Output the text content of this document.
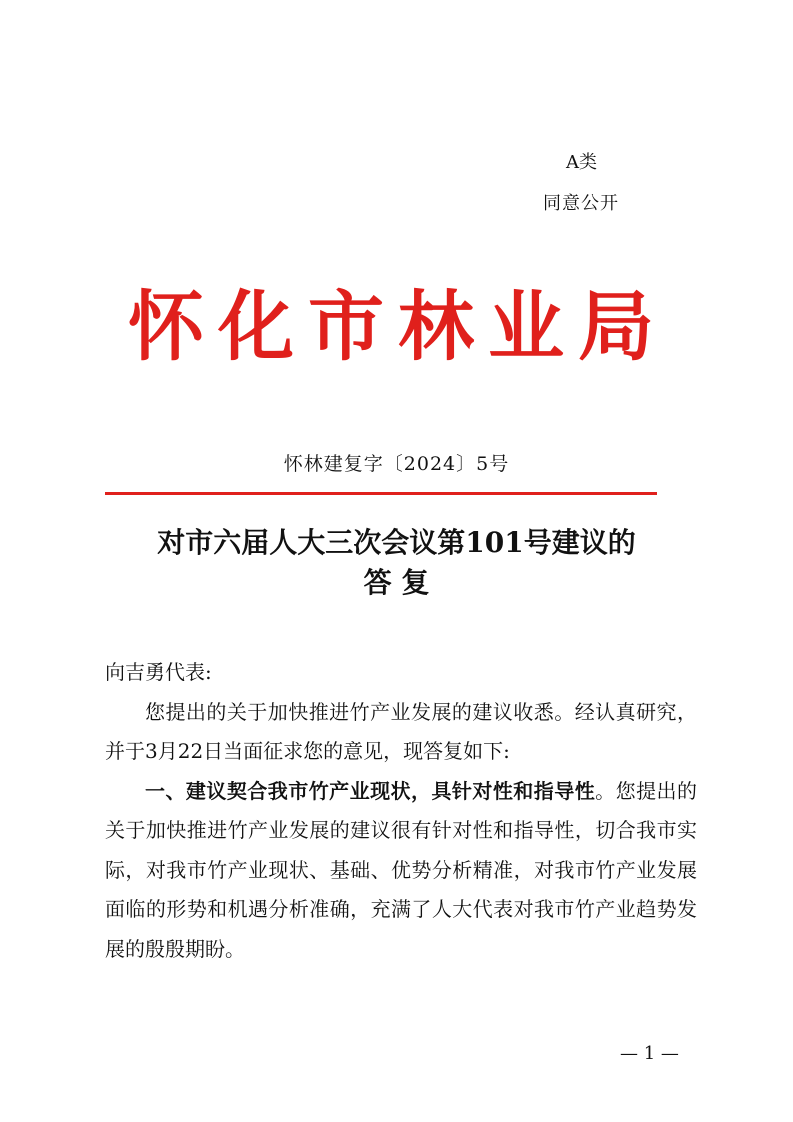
A类
同意公开
怀化市林业局
怀林建复字〔2024〕5号
对市六届人大三次会议第101号建议的
答 复

向吉勇代表:

您提出的关于加快推进竹产业发展的建议收悉。经认真研究，并于3月22日当面征求您的意见，现答复如下:

一、建议契合我市竹产业现状，具针对性和指导性。您提出的关于加快推进竹产业发展的建议很有针对性和指导性，切合我市实际，对我市竹产业现状、基础、优势分析精准，对我市竹产业发展面临的形势和机遇分析准确，充满了人大代表对我市竹产业趋势发展的殷殷期盼。

— 1 —
